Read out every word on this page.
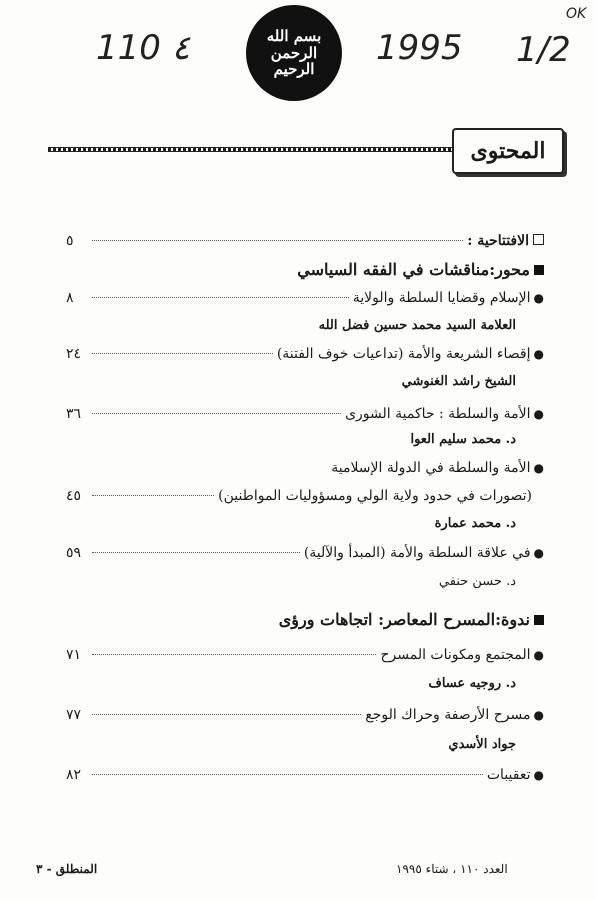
110 ٤	1995 1/2
OK
بسم الله الرحمن الرحيم
المحتوى
الافتتاحية :
٥
محور:مناقشات في الفقه السياسي
●
الإسلام وقضايا السلطة والولاية
٨
العلامة السيد محمد حسين فضل الله
●
إقصاء الشريعة والأمة (تداعيات خوف الفتنة)
٢٤
الشيخ راشد الغنوشي
●
الأمة والسلطة : حاكمية الشورى
٣٦
د. محمد سليم العوا
●
الأمة والسلطة في الدولة الإسلامية
(تصورات في حدود ولاية الولي ومسؤوليات المواطنين)
٤٥
د. محمد عمارة
●
في علاقة السلطة والأمة (المبدأ والآلية)
٥٩
د. حسن حنفي
ندوة:المسرح المعاصر: اتجاهات ورؤى
●
المجتمع ومكونات المسرح
٧١
د. روجيه عساف
●
مسرح الأرصفة وحراك الوجع
٧٧
جواد الأسدي
●
تعقيبات
٨٢
العدد ١١٠ ، شتاء ١٩٩٥
المنطلق - ٣
